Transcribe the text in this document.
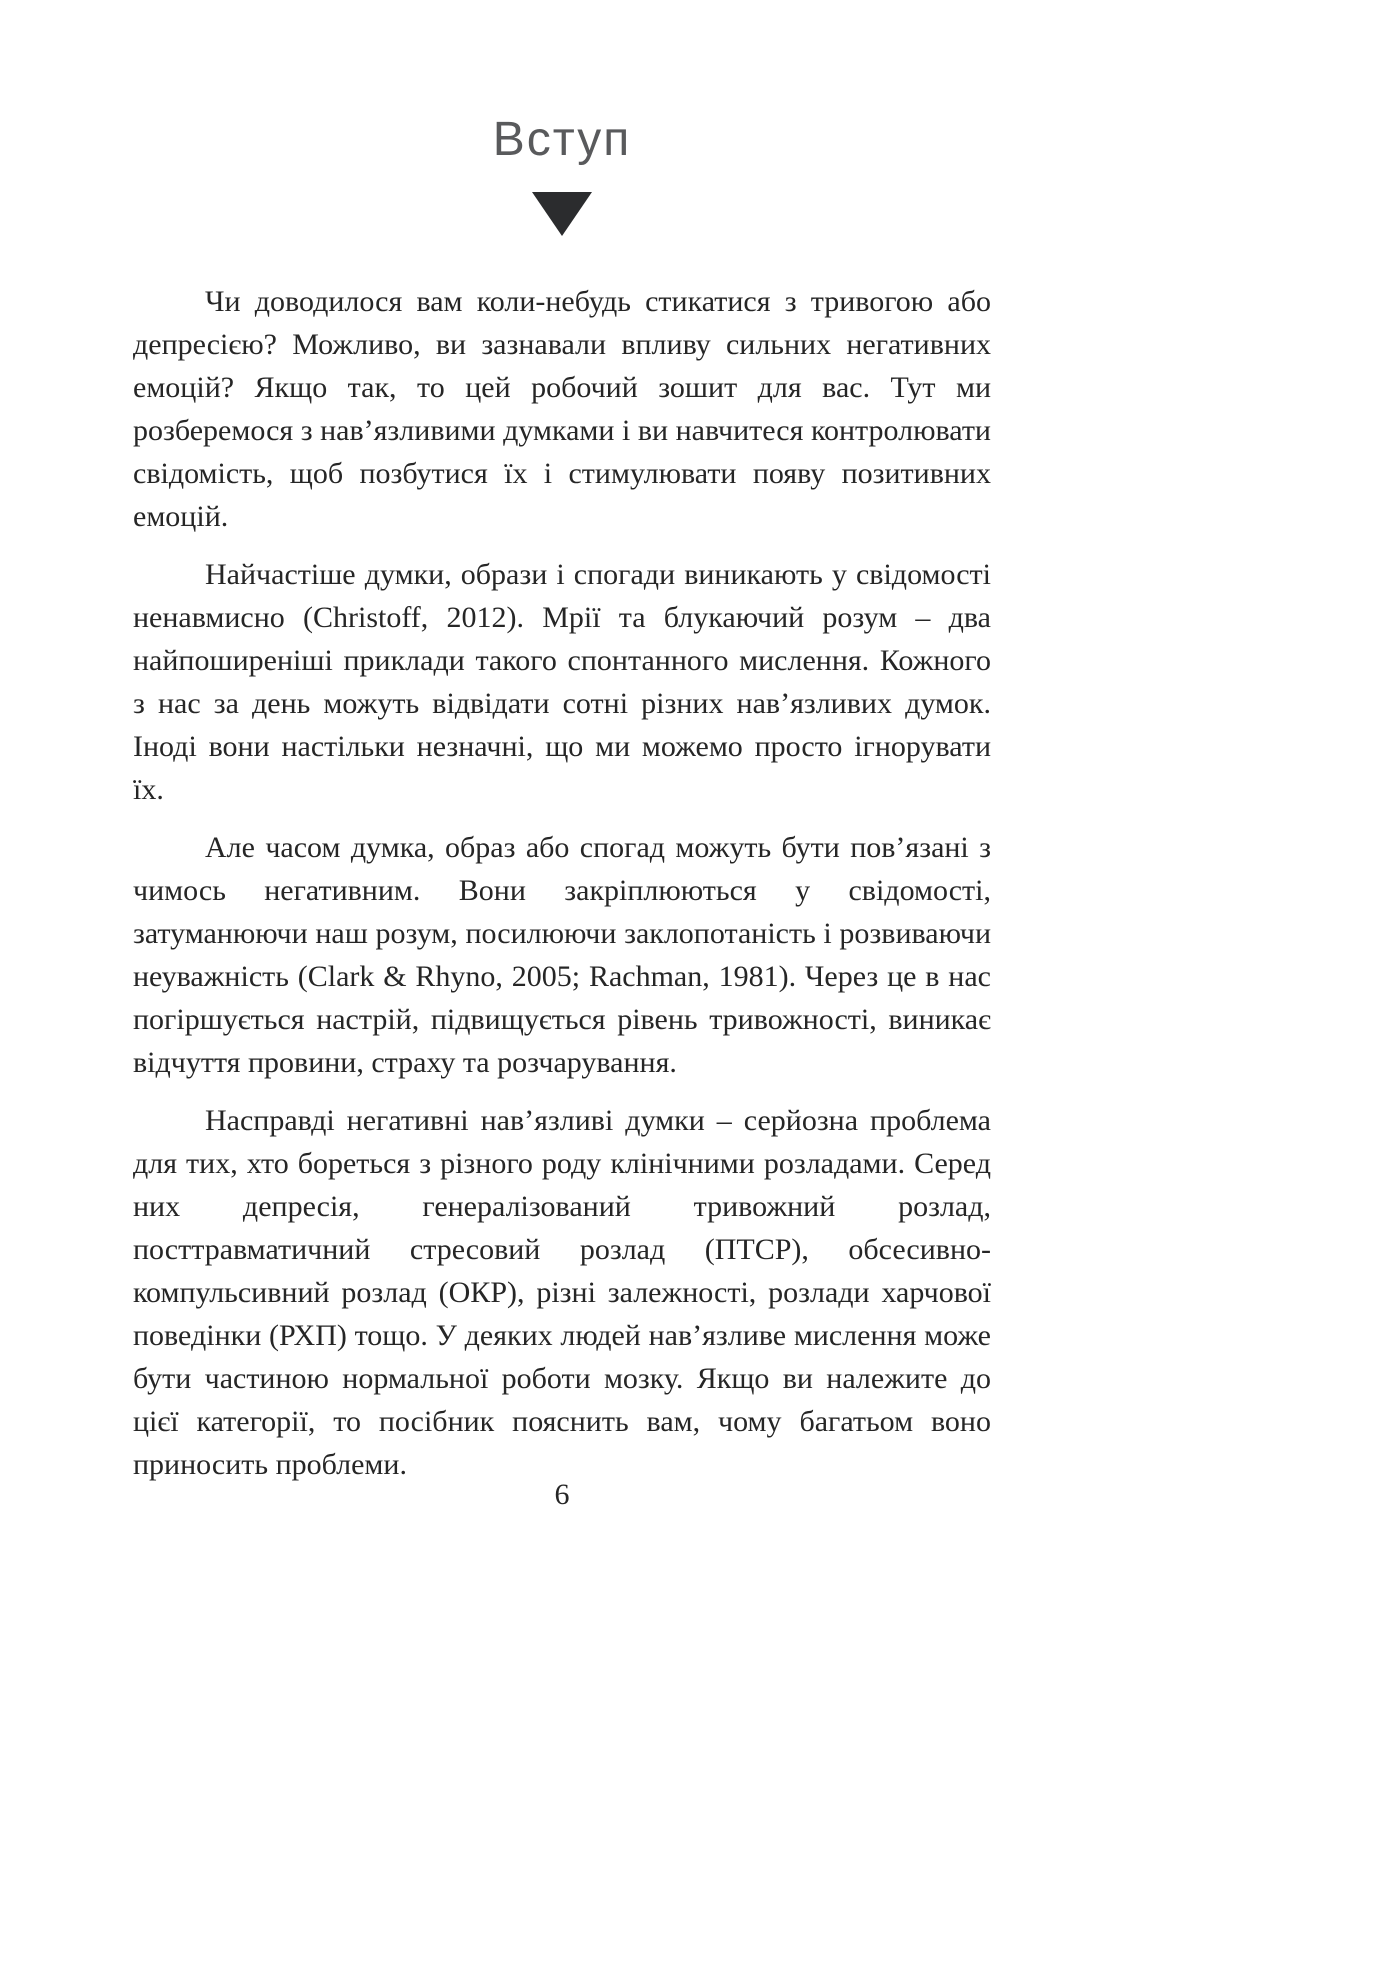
Вступ

Чи доводилося вам коли-небудь стикатися з тривогою або депресією? Можливо, ви зазнавали впливу сильних негативних емоцій? Якщо так, то цей робочий зошит для вас. Тут ми розберемося з нав’язливими думками і ви навчитеся контролювати свідомість, щоб позбутися їх і стимулювати появу позитивних емоцій.

Найчастіше думки, образи і спогади виникають у свідомості ненавмисно (Christoff, 2012). Мрії та блукаючий розум – два найпоширеніші приклади такого спонтанного мислення. Кожного з нас за день можуть відвідати сотні різних нав’язливих думок. Іноді вони настільки незначні, що ми можемо просто ігнорувати їх.

Але часом думка, образ або спогад можуть бути пов’язані з чимось негативним. Вони закріплюються у свідомості, затуманюючи наш розум, посилюючи заклопотаність і розвиваючи неуважність (Clark & Rhyno, 2005; Rachman, 1981). Через це в нас погіршується настрій, підвищується рівень тривожності, виникає відчуття провини, страху та розчарування.

Насправді негативні нав’язливі думки – серйозна проблема для тих, хто бореться з різного роду клінічними розладами. Серед них депресія, генералізований тривожний розлад, посттравматичний стресовий розлад (ПТСР), обсесивно-компульсивний розлад (ОКР), різні залежності, розлади харчової поведінки (РХП) тощо. У деяких людей нав’язливе мислення може бути частиною нормальної роботи мозку. Якщо ви належите до цієї категорії, то посібник пояснить вам, чому багатьом воно приносить проблеми.

6
